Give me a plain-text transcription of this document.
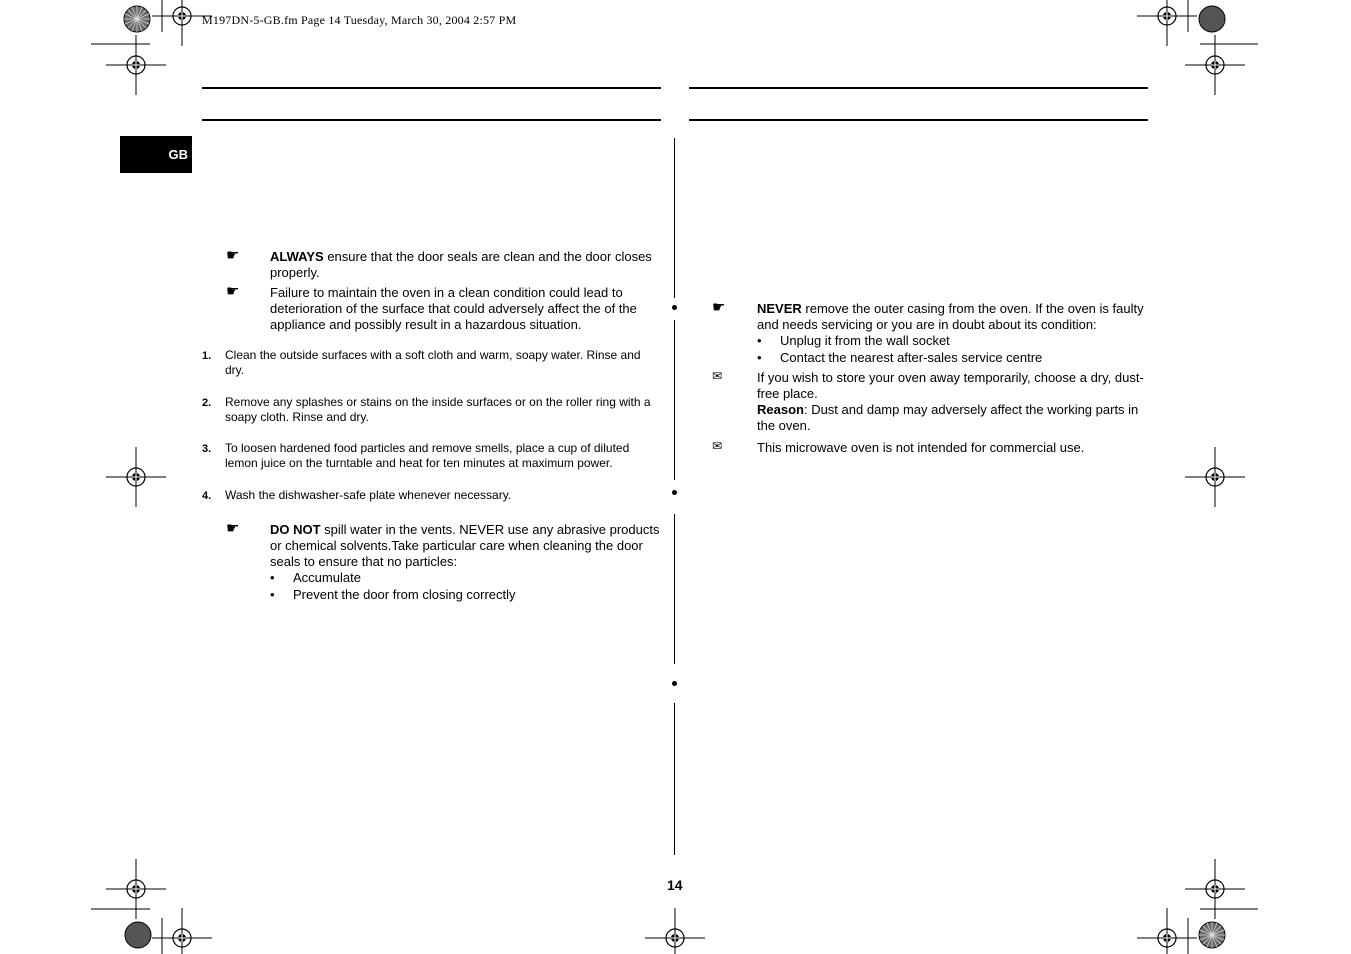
M197DN-5-GB.fm Page 14 Tuesday, March 30, 2004 2:57 PM
GB
☛ ALWAYS ensure that the door seals are clean and the door closes properly.
☛ Failure to maintain the oven in a clean condition could lead to deterioration of the surface that could adversely affect the of the appliance and possibly result in a hazardous situation.
1. Clean the outside surfaces with a soft cloth and warm, soapy water. Rinse and dry.
2. Remove any splashes or stains on the inside surfaces or on the roller ring with a soapy cloth. Rinse and dry.
3. To loosen hardened food particles and remove smells, place a cup of diluted lemon juice on the turntable and heat for ten minutes at maximum power.
4. Wash the dishwasher-safe plate whenever necessary.
☛ DO NOT spill water in the vents. NEVER use any abrasive products or chemical solvents.Take particular care when cleaning the door seals to ensure that no particles:
• Accumulate
• Prevent the door from closing correctly
☛ NEVER remove the outer casing from the oven. If the oven is faulty and needs servicing or you are in doubt about its condition:
• Unplug it from the wall socket
• Contact the nearest after-sales service centre
✉	If you wish to store your oven away temporarily, choose a dry, dust-free place.
Reason: Dust and damp may adversely affect the working parts in the oven.
✉	This microwave oven is not intended for commercial use.
14
